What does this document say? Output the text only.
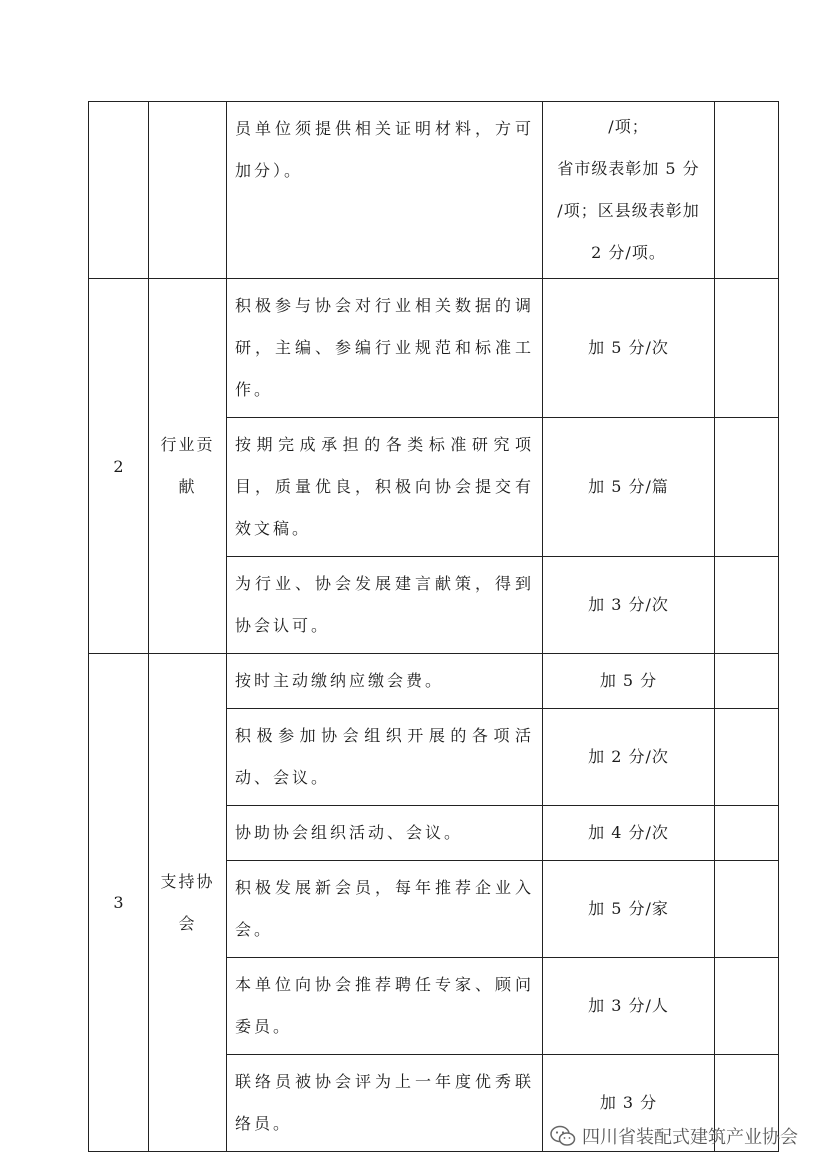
		员单位须提供相关证明材料，方可加分）。	/项；
省市级表彰加 5 分
/项；区县级表彰加
2 分/项。	

2	行业贡献	积极参与协会对行业相关数据的调研，主编、参编行业规范和标准工作。	加 5 分/次	
		按期完成承担的各类标准研究项目，质量优良，积极向协会提交有效文稿。	加 5 分/篇	
		为行业、协会发展建言献策，得到协会认可。	加 3 分/次	
3	支持协会	按时主动缴纳应缴会费。	加 5 分	
		积极参加协会组织开展的各项活动、会议。	加 2 分/次	
		协助协会组织活动、会议。	加 4 分/次	
		积极发展新会员，每年推荐企业入会。	加 5 分/家	
		本单位向协会推荐聘任专家、顾问委员。	加 3 分/人	
		联络员被协会评为上一年度优秀联络员。	加 3 分	
四川省装配式建筑产业协会
